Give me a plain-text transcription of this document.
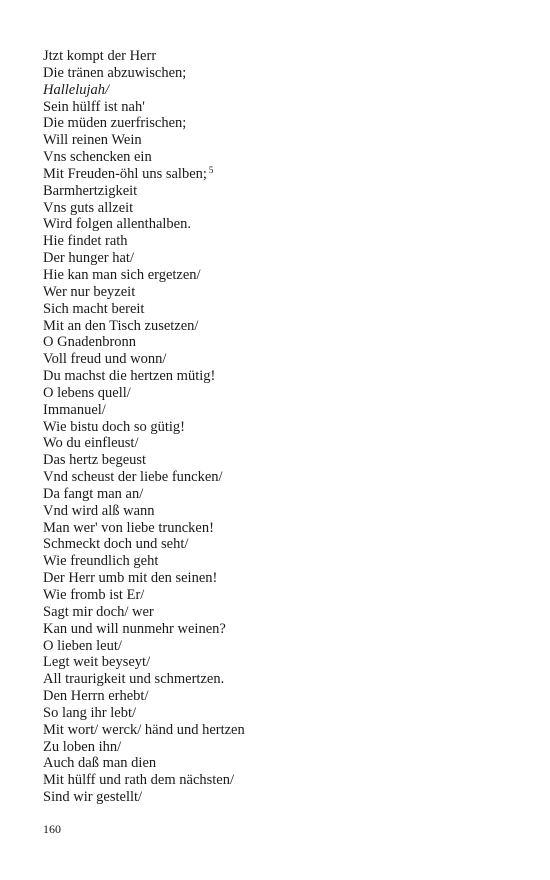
Jtzt kompt der Herr
Die tränen abzuwischen;
Hallelujah/
Sein hülff ist nah'
Die müden zuerfrischen;
Will reinen Wein
Vns schencken ein
Mit Freuden-öhl uns salben; $^5$
Barmhertzigkeit
Vns guts allzeit
Wird folgen allenthalben.
Hie findet rath
Der hunger hat/
Hie kan man sich ergetzen/
Wer nur beyzeit
Sich macht bereit
Mit an den Tisch zusetzen/
O Gnadenbronn
Voll freud und wonn/
Du machst die hertzen mütig!
O lebens quell/
Immanuel/
Wie bistu doch so gütig!
Wo du einfleust/
Das hertz begeust
Vnd scheust der liebe funcken/
Da fangt man an/
Vnd wird alß wann
Man wer' von liebe truncken!
Schmeckt doch und seht/
Wie freundlich geht
Der Herr umb mit den seinen!
Wie fromb ist Er/
Sagt mir doch/ wer
Kan und will nunmehr weinen?
O lieben leut/
Legt weit beyseyt/
All traurigkeit und schmertzen.
Den Herrn erhebt/
So lang ihr lebt/
Mit wort/ werck/ händ und hertzen
Zu loben ihn/
Auch daß man dien
Mit hülff und rath dem nächsten/
Sind wir gestellt/
160
